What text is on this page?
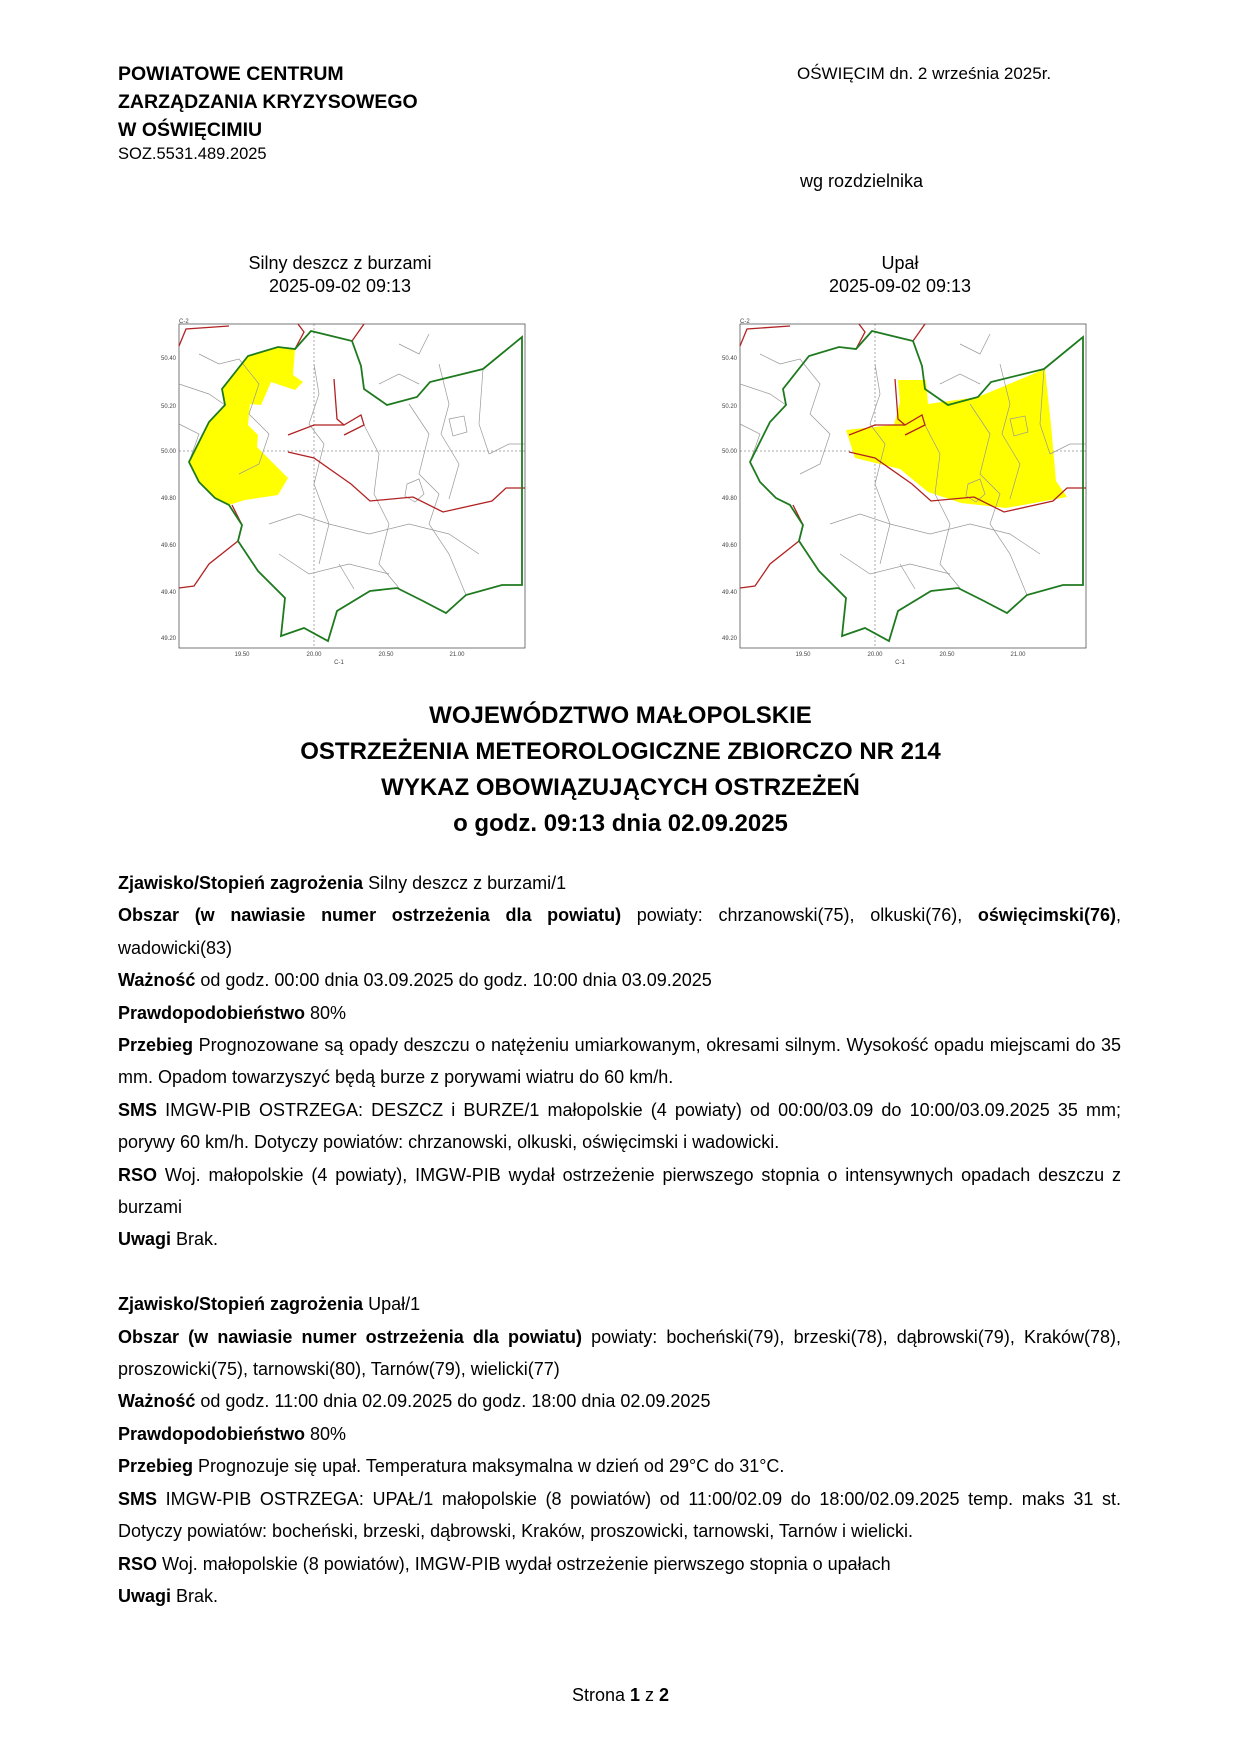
POWIATOWE CENTRUM
ZARZĄDZANIA KRYZYSOWEGO
W OŚWIĘCIMIU
SOZ.5531.489.2025
OŚWIĘCIM dn. 2 września 2025r.
wg rozdzielnika
Silny deszcz z burzami
2025-09-02 09:13
Upał
2025-09-02 09:13
50.40
50.20
50.00
49.80
49.60
49.40
49.20
19.50	20.00	20.50	21.00
C-2
C-1
50.40
50.20
50.00
49.80
49.60
49.40
49.20
19.50	20.00	20.50	21.00
C-2
C-1
WOJEWÓDZTWO MAŁOPOLSKIE
OSTRZEŻENIA METEOROLOGICZNE ZBIORCZO NR 214
WYKAZ OBOWIĄZUJĄCYCH OSTRZEŻEŃ
o godz. 09:13 dnia 02.09.2025
Zjawisko/Stopień zagrożenia Silny deszcz z burzami/1
Obszar (w nawiasie numer ostrzeżenia dla powiatu) powiaty: chrzanowski(75), olkuski(76), oświęcimski(76), wadowicki(83)
Ważność od godz. 00:00 dnia 03.09.2025 do godz. 10:00 dnia 03.09.2025
Prawdopodobieństwo 80%
Przebieg Prognozowane są opady deszczu o natężeniu umiarkowanym, okresami silnym. Wysokość opadu miejscami do 35 mm. Opadom towarzyszyć będą burze z porywami wiatru do 60 km/h.
SMS IMGW-PIB OSTRZEGA: DESZCZ i BURZE/1 małopolskie (4 powiaty) od 00:00/03.09 do 10:00/03.09.2025 35 mm; porywy 60 km/h. Dotyczy powiatów: chrzanowski, olkuski, oświęcimski i wadowicki.
RSO Woj. małopolskie (4 powiaty), IMGW-PIB wydał ostrzeżenie pierwszego stopnia o intensywnych opadach deszczu z burzami
Uwagi Brak.
Zjawisko/Stopień zagrożenia Upał/1
Obszar (w nawiasie numer ostrzeżenia dla powiatu) powiaty: bocheński(79), brzeski(78), dąbrowski(79), Kraków(78), proszowicki(75), tarnowski(80), Tarnów(79), wielicki(77)
Ważność od godz. 11:00 dnia 02.09.2025 do godz. 18:00 dnia 02.09.2025
Prawdopodobieństwo 80%
Przebieg Prognozuje się upał. Temperatura maksymalna w dzień od 29°C do 31°C.
SMS IMGW-PIB OSTRZEGA: UPAŁ/1 małopolskie (8 powiatów) od 11:00/02.09 do 18:00/02.09.2025 temp. maks 31 st. Dotyczy powiatów: bocheński, brzeski, dąbrowski, Kraków, proszowicki, tarnowski, Tarnów i wielicki.
RSO Woj. małopolskie (8 powiatów), IMGW-PIB wydał ostrzeżenie pierwszego stopnia o upałach
Uwagi Brak.
Strona 1 z 2
